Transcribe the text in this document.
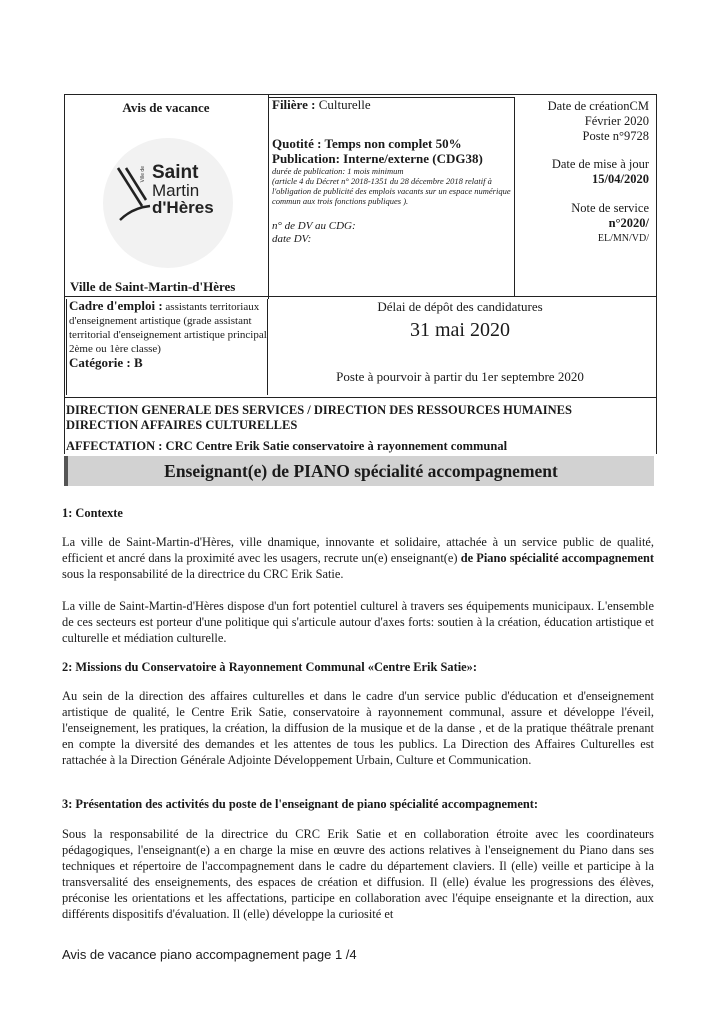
Avis de vacance
Ville de Saint
Martin
d'Hères
Ville de Saint-Martin-d'Hères
Filière : Culturelle
Quotité : Temps non complet 50%
Publication: Interne/externe (CDG38)
durée de publication: 1 mois minimum
(article 4 du Décret n° 2018-1351 du 28 décembre 2018 relatif à l'obligation de publicité des emplois vacants sur un espace numérique commun aux trois fonctions publiques ).
n° de DV au CDG:
date DV:
Date de créationCM
Février 2020
Poste n°9728
Date de mise à jour
15/04/2020
Note de service
n°2020/
EL/MN/VD/
Cadre d'emploi : assistants territoriaux d'enseignement artistique (grade assistant territorial d'enseignement artistique principal 2ème ou 1ère classe)
Catégorie : B
Délai de dépôt des candidatures
31 mai 2020
Poste à pourvoir à partir du 1er septembre 2020
DIRECTION GENERALE DES SERVICES / DIRECTION DES RESSOURCES HUMAINES
DIRECTION AFFAIRES CULTURELLES
AFFECTATION : CRC Centre Erik Satie conservatoire à rayonnement communal
Enseignant(e) de PIANO spécialité accompagnement
1: Contexte
La ville de Saint-Martin-d'Hères, ville dnamique, innovante et solidaire, attachée à un service public de qualité, efficient et ancré dans la proximité avec les usagers, recrute un(e) enseignant(e) de Piano spécialité accompagnement sous la responsabilité de la directrice du CRC Erik Satie.
La ville de Saint-Martin-d'Hères dispose d'un fort potentiel culturel à travers ses équipements municipaux. L'ensemble de ces secteurs est porteur d'une politique qui s'articule autour d'axes forts: soutien à la création, éducation artistique et culturelle et médiation culturelle.
2: Missions du Conservatoire à Rayonnement Communal «Centre Erik Satie»:
Au sein de la direction des affaires culturelles et dans le cadre d'un service public d'éducation et d'enseignement artistique de qualité, le Centre Erik Satie, conservatoire à rayonnement communal, assure et développe l'éveil, l'enseignement, les pratiques, la création, la diffusion de la musique et de la danse , et de la pratique théâtrale prenant en compte la diversité des demandes et les attentes de tous les publics. La Direction des Affaires Culturelles est rattachée à la Direction Générale Adjointe Développement Urbain, Culture et Communication.
3: Présentation des activités du poste de l'enseignant de piano spécialité accompagnement:
Sous la responsabilité de la directrice du CRC Erik Satie et en collaboration étroite avec les coordinateurs pédagogiques, l'enseignant(e) a en charge la mise en œuvre des actions relatives à l'enseignement du Piano dans ses techniques et répertoire de l'accompagnement dans le cadre du département claviers. Il (elle) veille et participe à la transversalité des enseignements, des espaces de création et diffusion. Il (elle) évalue les progressions des élèves, préconise les orientations et les affectations, participe en collaboration avec l'équipe enseignante et la direction, aux différents dispositifs d'évaluation. Il (elle) développe la curiosité et
Avis de vacance piano accompagnement page 1 /4
